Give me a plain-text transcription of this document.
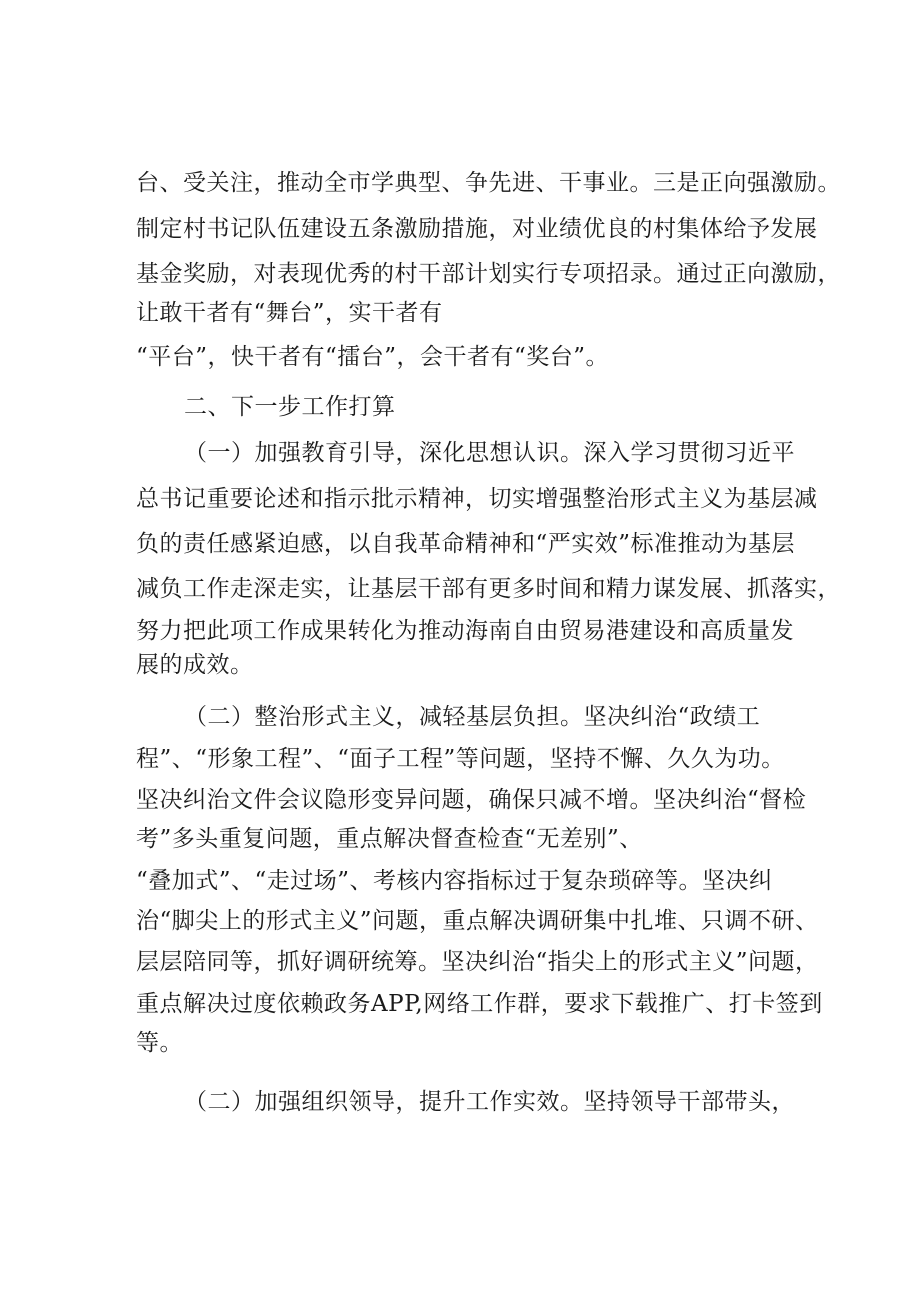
台、受关注，推动全市学典型、争先进、干事业。三是正向强激励。
制定村书记队伍建设五条激励措施，对业绩优良的村集体给予发展
基金奖励，对表现优秀的村干部计划实行专项招录。通过正向激励，
让敢干者有“舞台”，实干者有
“平台”，快干者有“擂台”，会干者有“奖台”。
二、下一步工作打算
（一）加强教育引导，深化思想认识。深入学习贯彻习近平
总书记重要论述和指示批示精神，切实增强整治形式主义为基层减
负的责任感紧迫感，以自我革命精神和“严实效”标准推动为基层
减负工作走深走实，让基层干部有更多时间和精力谋发展、抓落实，
努力把此项工作成果转化为推动海南自由贸易港建设和高质量发
展的成效。
（二）整治形式主义，减轻基层负担。坚决纠治“政绩工
程”、“形象工程”、“面子工程”等问题，坚持不懈、久久为功。
坚决纠治文件会议隐形变异问题，确保只减不增。坚决纠治“督检
考”多头重复问题，重点解决督查检查“无差别”、
“叠加式”、“走过场”、考核内容指标过于复杂琐碎等。坚决纠
治“脚尖上的形式主义”问题，重点解决调研集中扎堆、只调不研、
层层陪同等，抓好调研统筹。坚决纠治“指尖上的形式主义”问题，
重点解决过度依赖政务APP,网络工作群，要求下载推广、打卡签到
等。
（二）加强组织领导，提升工作实效。坚持领导干部带头，
